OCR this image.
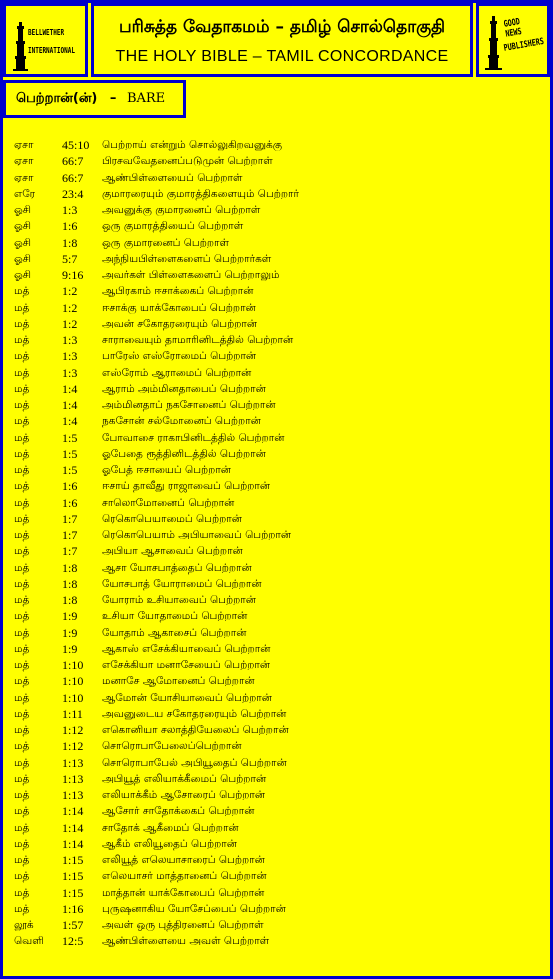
BELLWETHER
INTERNATIONAL
பரிசுத்த வேதாகமம் – தமிழ் சொல்தொகுதி
THE HOLY BIBLE – TAMIL CONCORDANCE
GOOD NEWS
PUBLISHERS
பெற்றான்(ன்) – BARE
ஏசா 45:10 பெற்றாய் என்றும் சொல்லுகிறவனுக்கு
ஏசா 66:7 பிரசவவேதனைப்படுமுன் பெற்றாள்
ஏசா 66:7 ஆண்பிள்ளையைப் பெற்றாள்
எரே 23:4 குமாரரையும் குமாரத்திகளையும் பெற்றார்
ஓசி	1:3 அவனுக்கு குமாரனைப் பெற்றாள்
ஓசி	1:6 ஒரு குமாரத்தியைப் பெற்றாள்
ஓசி	1:8 ஒரு குமாரனைப் பெற்றாள்
ஓசி	5:7 அந்நியபிள்ளைகளைப் பெற்றார்கள்
ஓசி	9:16 அவர்கள் பிள்ளைகளைப் பெற்றாலும்
மத்	1:2 ஆபிரகாம் ஈசாக்கைப் பெற்றான்
மத்	1:2 ஈசாக்கு யாக்கோபைப் பெற்றான்
மத்	1:2 அவன் சகோதரரையும் பெற்றான்
மத்	1:3 சாராவையும் தாமாரினிடத்தில் பெற்றான்
மத்	1:3 பாரேஸ் எஸ்ரோமைப் பெற்றான்
மத்	1:3 எஸ்ரோம் ஆராமைப் பெற்றான்
மத்	1:4 ஆராம் அம்மினதாபைப் பெற்றான்
மத்	1:4 அம்மினதாப் நகசோனைப் பெற்றான்
மத்	1:4 நகசோன் சல்மோனைப் பெற்றான்
மத்	1:5 போவாசை ராகாபினிடத்தில் பெற்றான்
மத்	1:5 ஓபேதை ரூத்தினிடத்தில் பெற்றான்
மத்	1:5 ஓபேத் ஈசாயைப் பெற்றான்
மத்	1:6 ஈசாய் தாவீது ராஜாவைப் பெற்றான்
மத்	1:6 சாலொமோனைப் பெற்றான்
மத்	1:7 ரெகொபெயாமைப் பெற்றான்
மத்	1:7 ரெகொபெயாம் அபியாவைப் பெற்றான்
மத்	1:7 அபியா ஆசாவைப் பெற்றான்
மத்	1:8 ஆசா யோசபாத்தைப் பெற்றான்
மத்	1:8 யோசபாத் யோராமைப் பெற்றான்
மத்	1:8 யோராம் உசியாவைப் பெற்றான்
மத்	1:9 உசியா யோதாமைப் பெற்றான்
மத்	1:9 யோதாம் ஆகாசைப் பெற்றான்
மத்	1:9 ஆகாஸ் எசேக்கியாவைப் பெற்றான்
மத்	1:10 எசேக்கியா மனாசேயைப் பெற்றான்
மத்	1:10 மனாசே ஆமோனைப் பெற்றான்
மத்	1:10 ஆமோன் யோசியாவைப் பெற்றான்
மத்	1:11 அவனுடைய சகோதரரையும் பெற்றான்
மத்	1:12 எகொனியா சலாத்தியேலைப் பெற்றான்
மத்	1:12 சொரொபாபேலைப்பெற்றான்
மத்	1:13 சொரொபாபேல் அபியூதைப் பெற்றான்
மத்	1:13 அபியூத் எலியாக்கீமைப் பெற்றான்
மத்	1:13 எலியாக்கீம் ஆசோரைப் பெற்றான்
மத்	1:14 ஆசோர் சாதோக்கைப் பெற்றான்
மத்	1:14 சாதோக் ஆகீமைப் பெற்றான்
மத்	1:14 ஆகீம் எலியூதைப் பெற்றான்
மத்	1:15 எலியூத் எலெயாசாரைப் பெற்றான்
மத்	1:15 எலெயாசர் மாத்தானைப் பெற்றான்
மத்	1:15 மாத்தான் யாக்கோபைப் பெற்றான்
மத்	1:16 புருஷனாகிய யோசேப்பைப் பெற்றான்
லூக் 1:57 அவள் ஒரு புத்திரனைப் பெற்றாள்
வெளி 12:5 ஆண்பிள்ளையை அவள் பெற்றாள்
